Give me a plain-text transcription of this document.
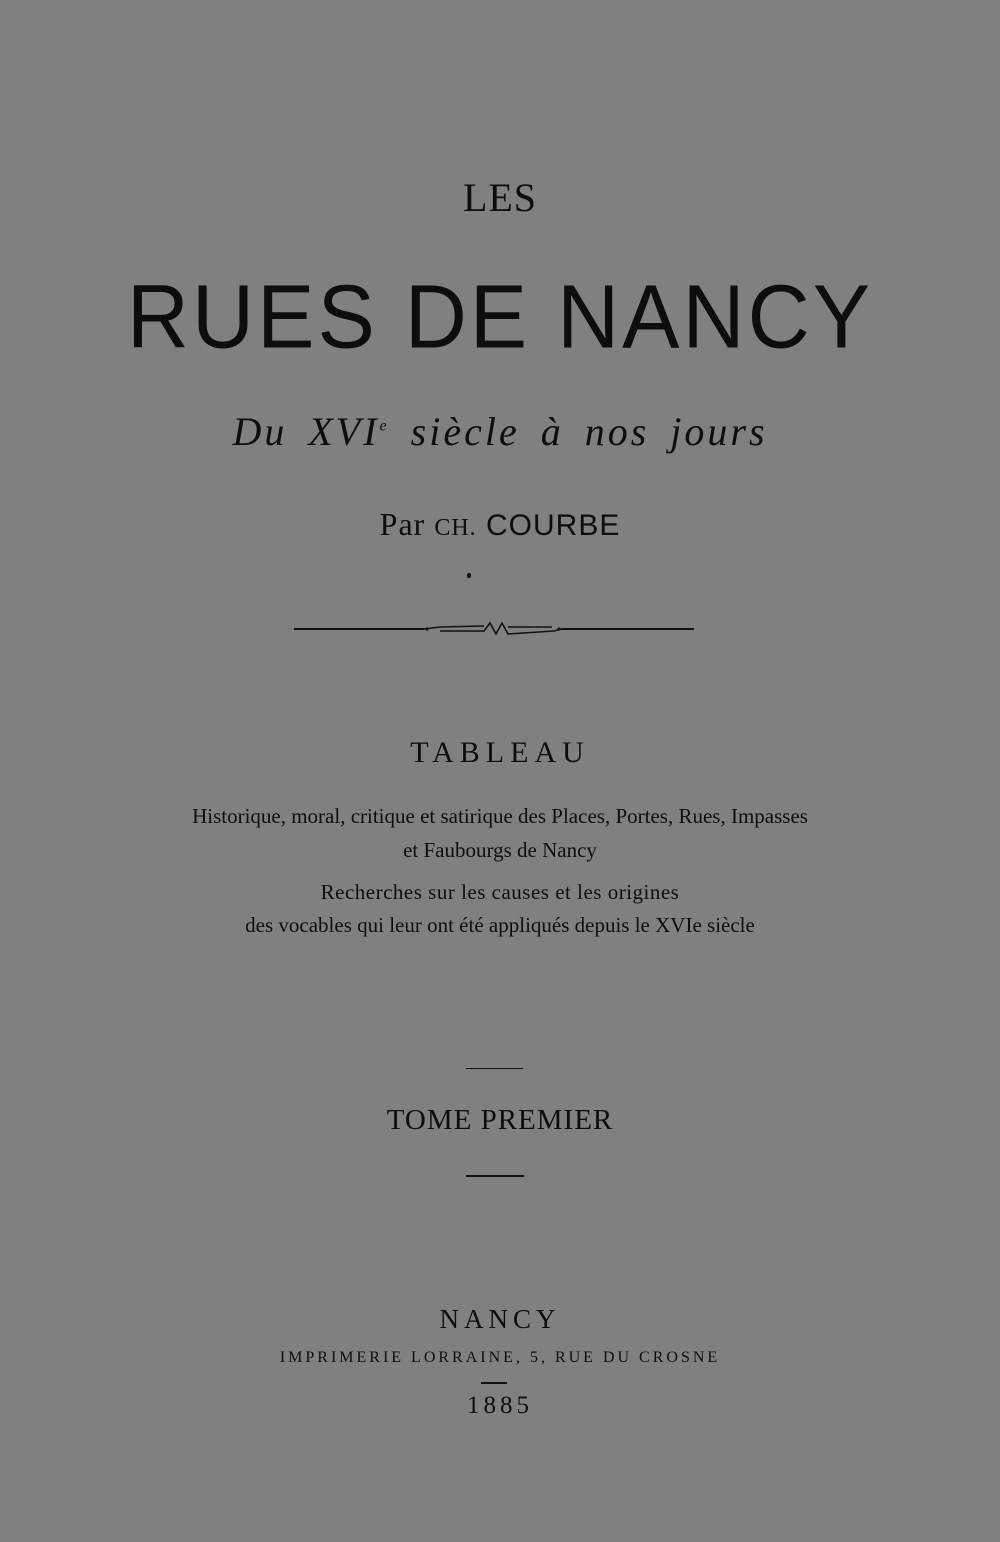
LES
RUES DE NANCY
Du XVIe siècle à nos jours
Par CH. COURBE
TABLEAU
Historique, moral, critique et satirique des Places, Portes, Rues, Impasses
et Faubourgs de Nancy
Recherches sur les causes et les origines
des vocables qui leur ont été appliqués depuis le XVIe siècle
TOME PREMIER
NANCY
IMPRIMERIE LORRAINE, 5, RUE DU CROSNE
1885
